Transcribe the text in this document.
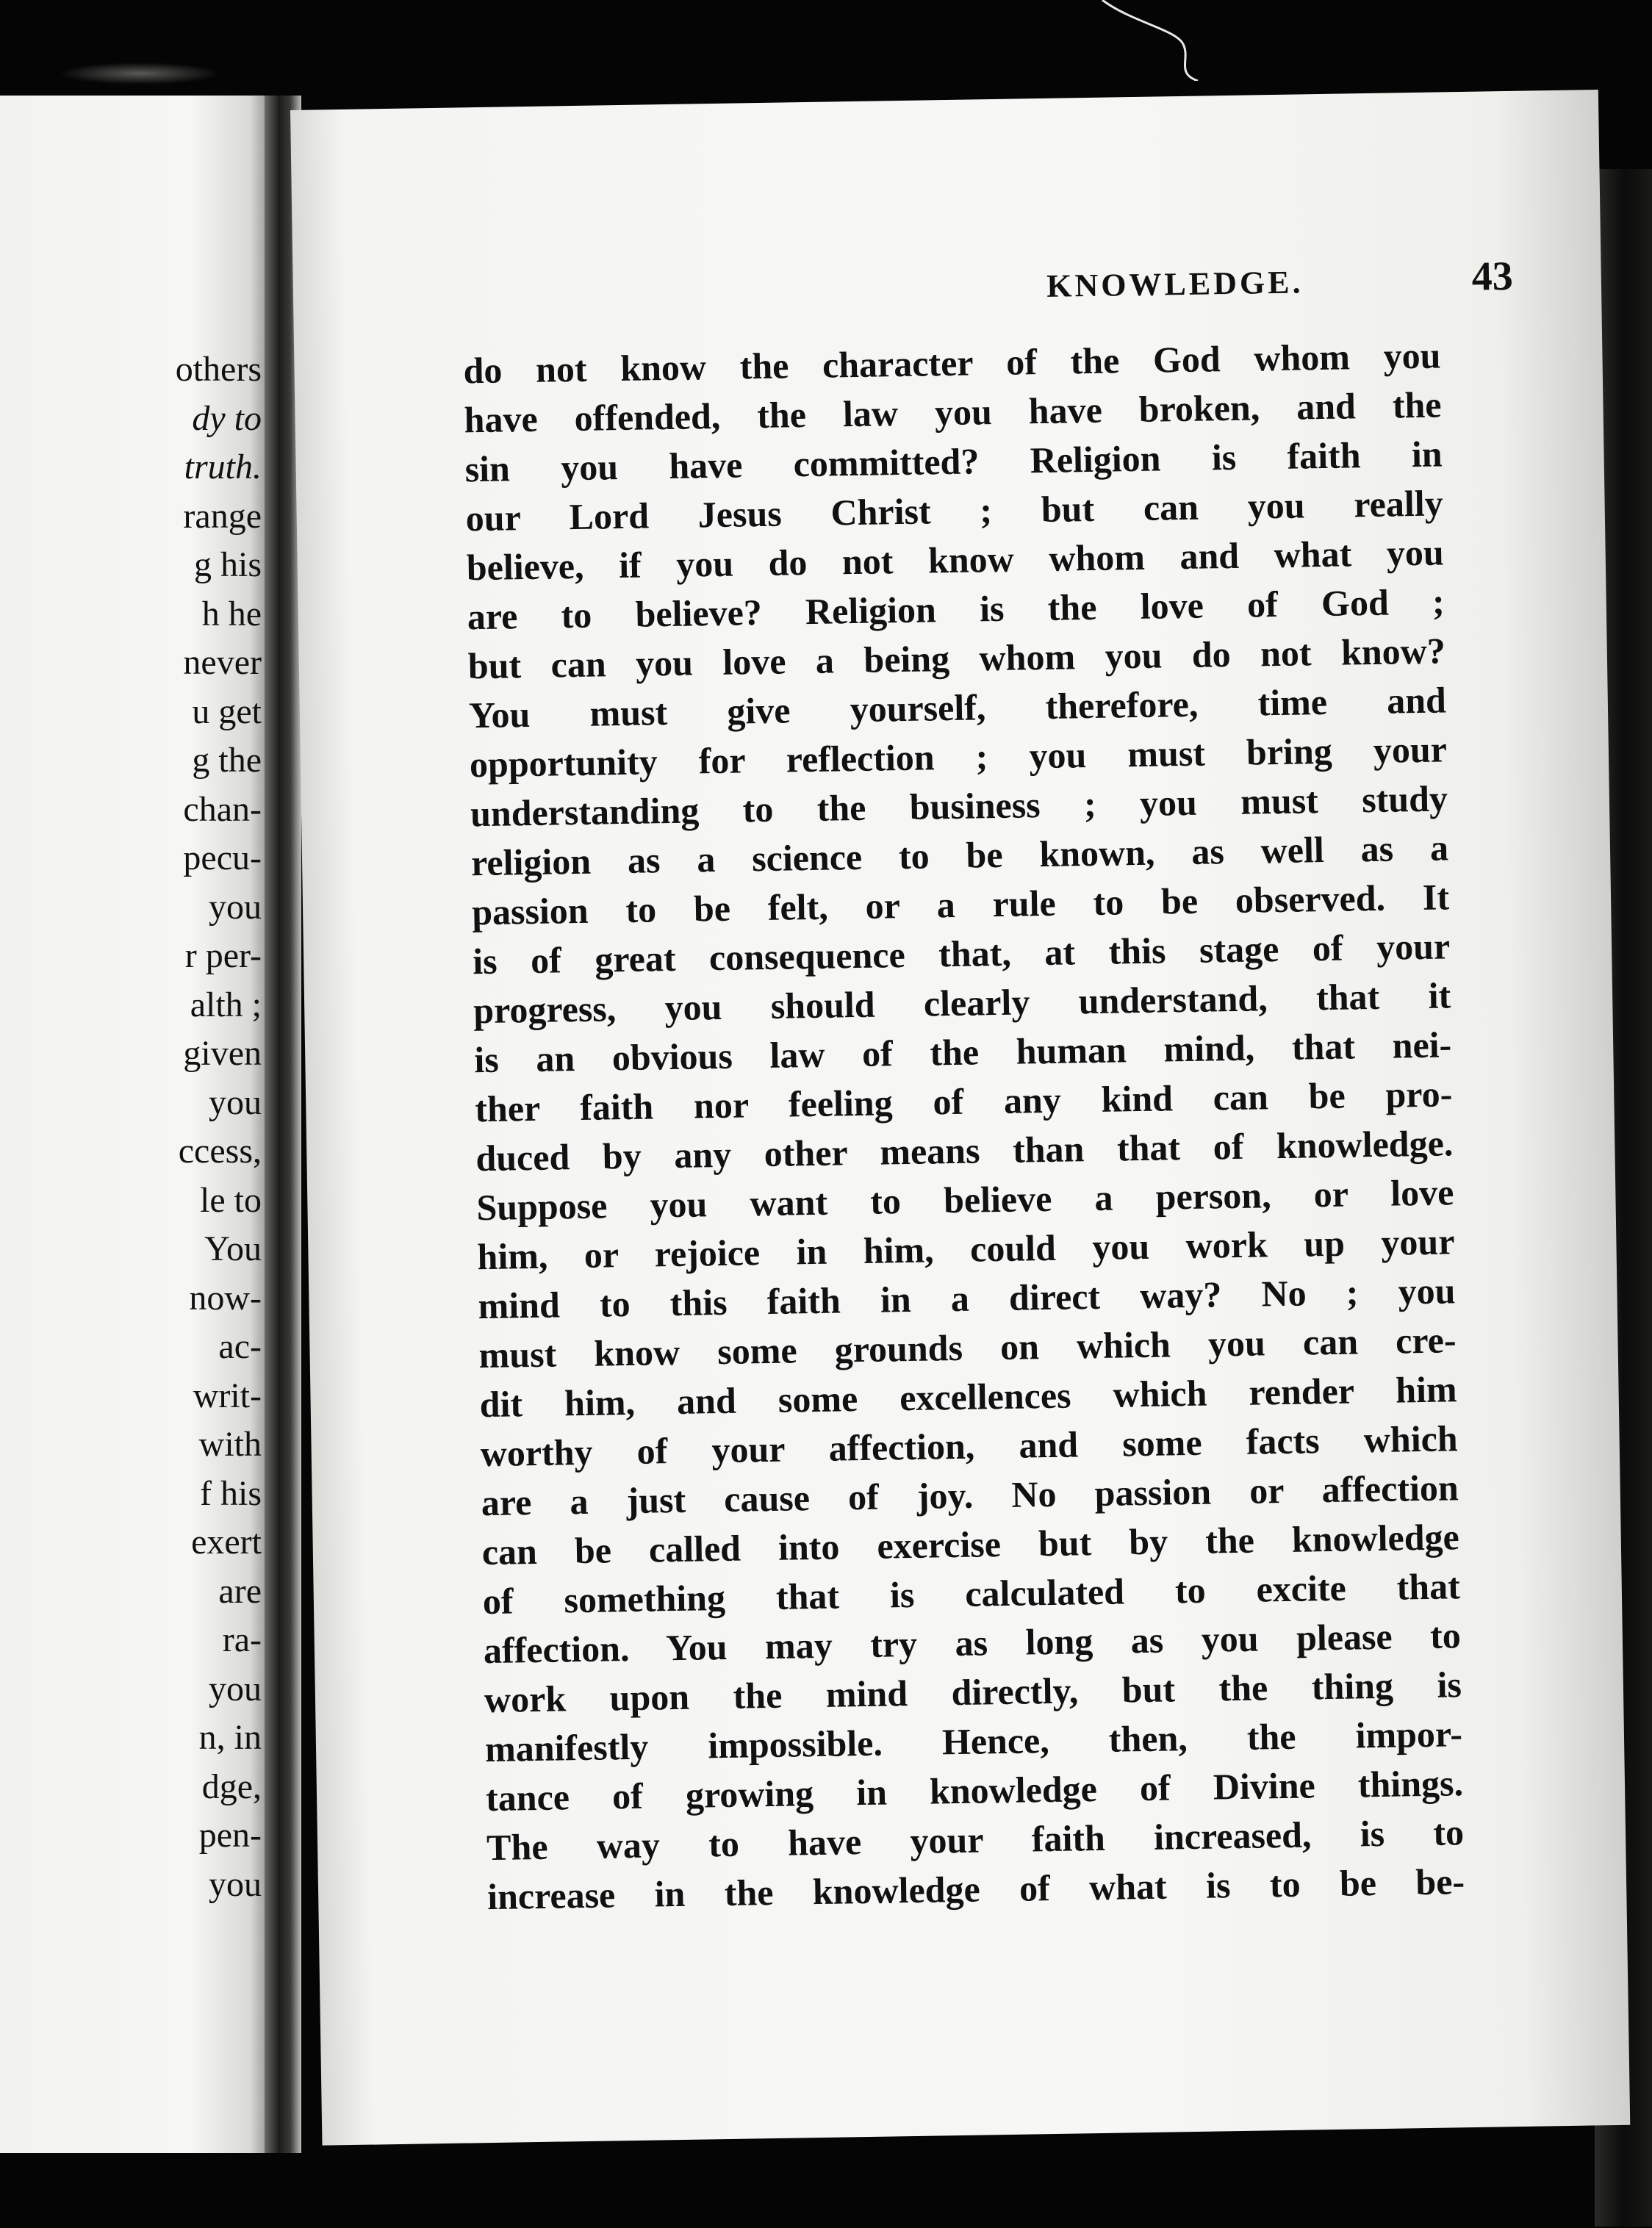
others
dy to
truth.
range
g his
h he
never
u get
g the
chan-
pecu-
you
r per-
alth ;
given
you
ccess,
le to
You
now-
ac-
writ-
with
f his
exert
are
ra-
you
n, in
dge,
pen-
you
KNOWLEDGE.	43
do not know the character of the God whom you
have offended, the law you have broken, and the
sin you have committed? Religion is faith in
our Lord Jesus Christ ; but can you really
believe, if you do not know whom and what you
are to believe? Religion is the love of God ;
but can you love a being whom you do not know?
You must give yourself, therefore, time and
opportunity for reflection ; you must bring your
understanding to the business ; you must study
religion as a science to be known, as well as a
passion to be felt, or a rule to be observed. It
is of great consequence that, at this stage of your
progress, you should clearly understand, that it
is an obvious law of the human mind, that nei-
ther faith nor feeling of any kind can be pro-
duced by any other means than that of knowledge.
Suppose you want to believe a person, or love
him, or rejoice in him, could you work up your
mind to this faith in a direct way? No ; you
must know some grounds on which you can cre-
dit him, and some excellences which render him
worthy of your affection, and some facts which
are a just cause of joy. No passion or affection
can be called into exercise but by the knowledge
of something that is calculated to excite that
affection. You may try as long as you please to
work upon the mind directly, but the thing is
manifestly impossible. Hence, then, the impor-
tance of growing in knowledge of Divine things.
The way to have your faith increased, is to
increase in the knowledge of what is to be be-
